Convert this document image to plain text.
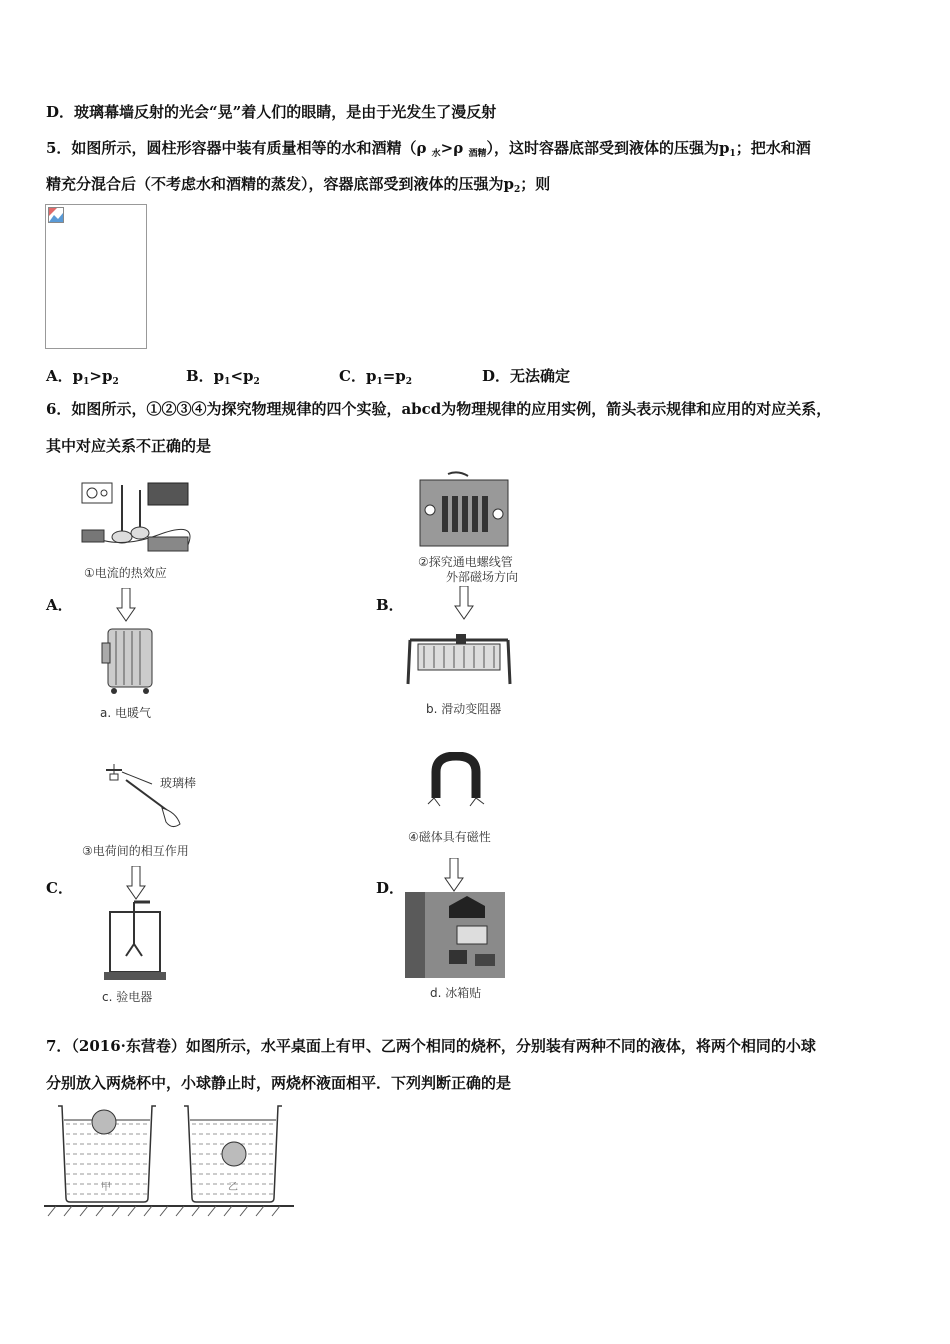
D．玻璃幕墙反射的光会“晃”着人们的眼睛，是由于光发生了漫反射
5．如图所示，圆柱形容器中装有质量相等的水和酒精（ρ $_水$>ρ $_{酒精}$），这时容器底部受到液体的压强为$p_1$；把水和酒
精充分混合后（不考虑水和酒精的蒸发），容器底部受到液体的压强为$p_2$；则
A．$p_1>p_2$	B．$p_1<p_2$	C．$p_1=p_2$	D．无法确定
6．如图所示，①②③④为探究物理规律的四个实验，abcd为物理规律的应用实例，箭头表示规律和应用的对应关系，
其中对应关系不正确的是
①电流的热效应
A．
a. 电暖气
②探究通电螺线管
外部磁场方向
B．
b. 滑动变阻器
玻璃棒
③电荷间的相互作用
C．
c. 验电器
④磁体具有磁性
D．
d. 冰箱贴
7．（2016·东营卷）如图所示，水平桌面上有甲、乙两个相同的烧杯，分别装有两种不同的液体，将两个相同的小球
分别放入两烧杯中，小球静止时，两烧杯液面相平．下列判断正确的是
甲	乙
